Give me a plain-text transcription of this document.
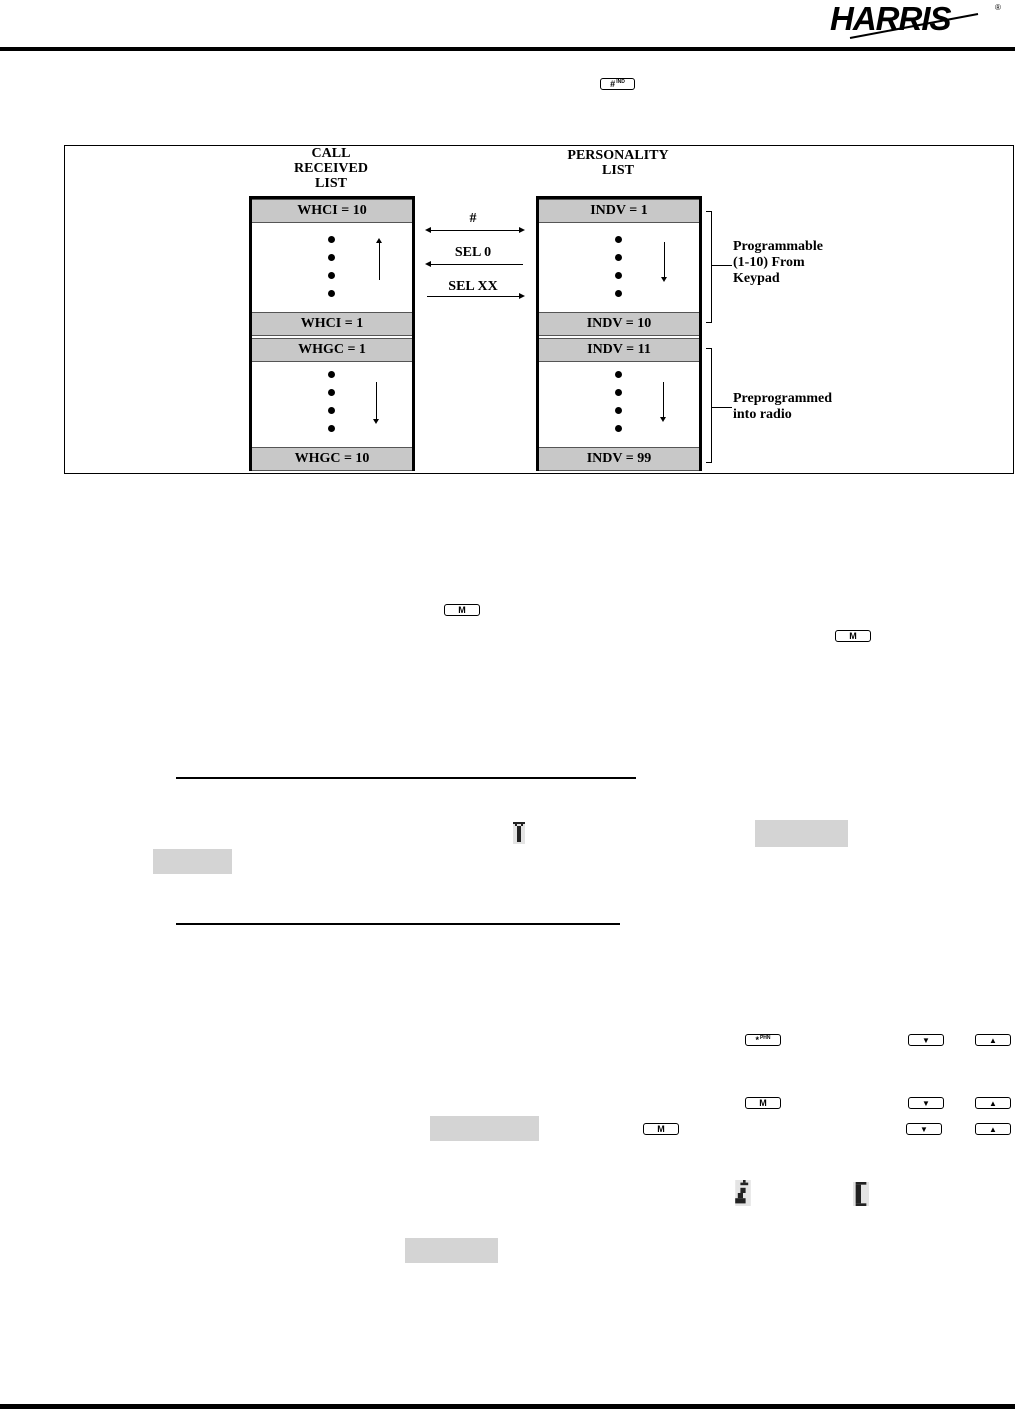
HARRIS	®
#$^{IND}$
CALL
RECEIVED
LIST
PERSONALITY
LIST
WHCI = 10
WHCI = 1
WHGC = 1
WHGC = 10
INDV = 1
INDV = 10
INDV = 11
INDV = 99
#
SEL 0
SEL XX
Programmable
(1-10) From
Keypad
Preprogrammed
into radio
M
M
*$^{PHN}$	▼	▲
M	▼	▲
M	▼	▲
